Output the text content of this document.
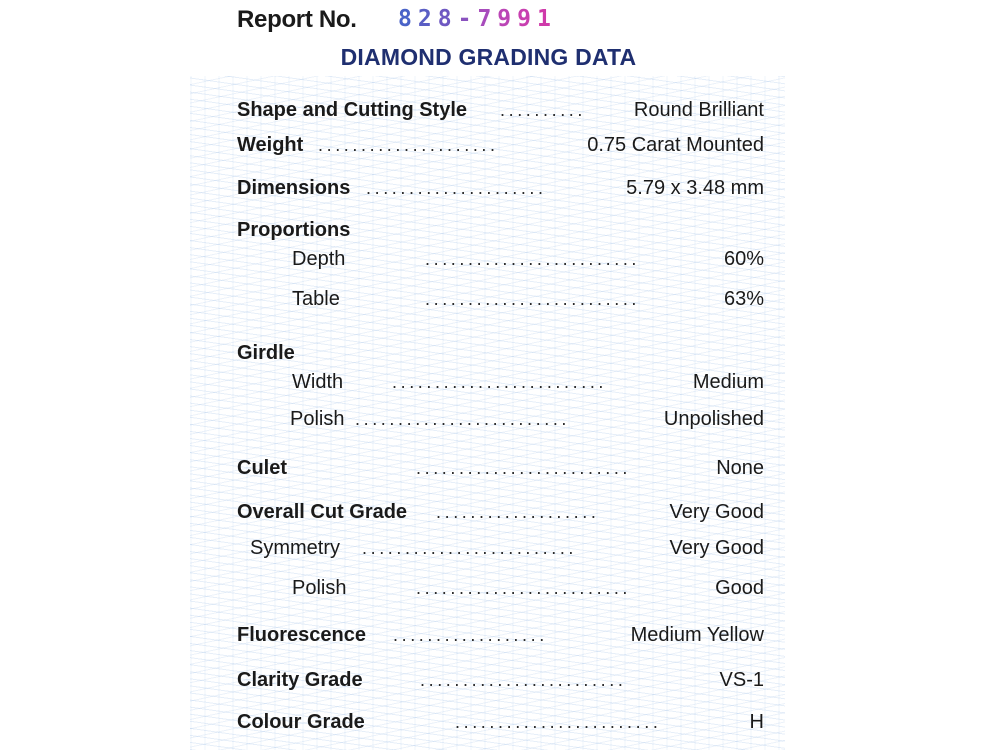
Report No. 828-7991
DIAMOND GRADING DATA
Shape and Cutting Style ..........	Round Brilliant
Weight .....................	0.75 Carat Mounted
Dimensions .....................	5.79 x 3.48 mm
Proportions
Depth	.........................	60%
Table	.........................	63%
Girdle
Width	.........................	Medium
Polish .........................	Unpolished
Culet	.........................	None
Overall Cut Grade ...................	Very Good
Symmetry .........................	Very Good
Polish	.........................	Good
Fluorescence ..................	Medium Yellow
Clarity Grade	........................	VS-1
Colour Grade	........................	H
